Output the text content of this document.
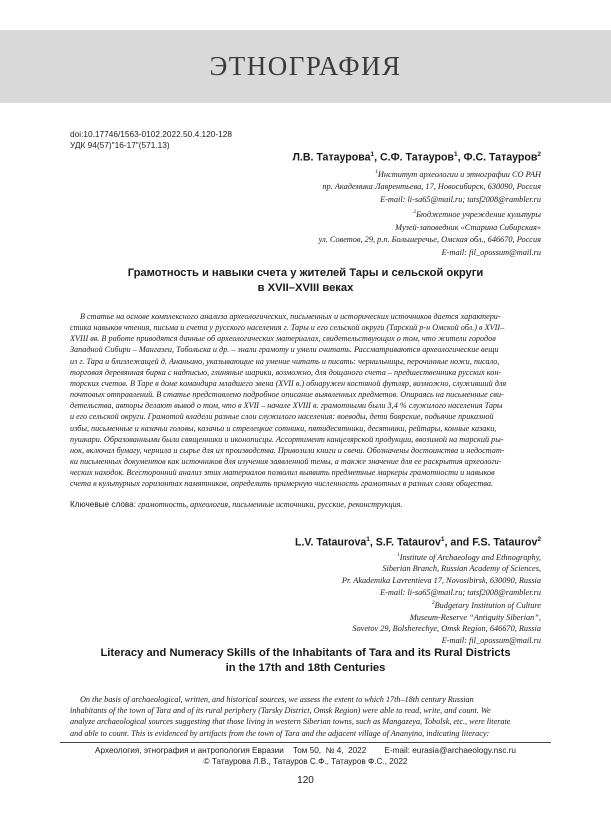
ЭТНОГРАФИЯ
doi:10.17746/1563-0102.2022.50.4.120-128
УДК 94(57)"16-17"(571.13)
Л.В. Татаурова$^1$, С.Ф. Татауров$^1$, Ф.С. Татауров$^2$
$^1$Институт археологии и этнографии СО РАН
пр. Академика Лаврентьева, 17, Новосибирск, 630090, Россия
E-mail: li-sa65@mail.ru; tatsf2008@rambler.ru
$^2$Бюджетное учреждение культуры
Музей-заповедник «Старина Сибирская»
ул. Советов, 29, р.п. Большеречье, Омская обл., 646670, Россия
E-mail: fil_opossum@mail.ru
Грамотность и навыки счета у жителей Тары и сельской округи
в XVII–XVIII веках
В статье на основе комплексного анализа археологических, письменных и исторических источников дается характери-
стика навыков чтения, письма и счета у русского населения г. Тары и его сельской округи (Тарский р-н Омской обл.) в XVII–
XVIII вв. В работе приводятся данные об археологических материалах, свидетельствующих о том, что жители городов
Западной Сибири – Мангазеи, Тобольска и др. – знали грамоту и умели считать. Рассматриваются археологические вещи
из г. Тара и близлежащей д. Ананьино, указывающие на умение читать и писать: чернильницы, перочинные ножи, писало,
торговая деревянная бирка с надписью, глиняные шарики, возможно, для дощаного счета – предшественника русских кон-
торских счетов. В Таре в доме командира младшего звена (XVII в.) обнаружен костяной футляр, возможно, служивший для
почтовых отправлений. В статье представлено подробное описание выявленных предметов. Опираясь на письменные сви-
детельства, авторы делают вывод о том, что в XVII – начале XVIII в. грамотными были 3,4 % служилого населения Тары
и его сельской округи. Грамотой владели разные слои служилого населения: воеводы, дети боярские, подьячие приказной
избы, письменные и казачьи головы, казачьи и стрелецкие сотники, пятидесятники, десятники, рейтары, конные казаки,
пушкари. Образованными были священники и иконописцы. Ассортимент канцелярской продукции, ввозимой на тарский ры-
нок, включал бумагу, чернила и сырье для их производства. Привозили книги и свечи. Обозначены достоинства и недостат-
ки письменных документов как источников для изучения заявленной темы, а также значение для ее раскрытия археологи-
ческих находок. Всесторонний анализ этих материалов позволил выявить предметные маркеры грамотности и навыков
счета в культурных горизонтах памятников, определить примерную численность грамотных в разных слоях общества.
Ключевые слова: грамотность, археология, письменные источники, русские, реконструкция.
L.V. Tataurova$^1$, S.F. Tataurov$^1$, and F.S. Tataurov$^2$
$^1$Institute of Archaeology and Ethnography,
Siberian Branch, Russian Academy of Sciences,
Pr. Akademika Lavrentieva 17, Novosibirsk, 630090, Russia
E-mail: li-sa65@mail.ru; tatsf2008@rambler.ru
$^2$Budgetary Institution of Culture
Museum-Reserve “Antiquity Siberian”,
Sovetov 29, Bolsherechye, Omsk Region, 646670, Russia
E-mail: fil_opossum@mail.ru
Literacy and Numeracy Skills of the Inhabitants of Tara and its Rural Districts
in the 17th and 18th Centuries
On the basis of archaeological, written, and historical sources, we assess the extent to which 17th–18th century Russian
inhabitants of the town of Tara and of its rural periphery (Tarsky District, Omsk Region) were able to read, write, and count. We
analyze archaeological sources suggesting that those living in western Siberian towns, such as Mangazeya, Tobolsk, etc., were literate
and able to count. This is evidenced by artifacts from the town of Tara and the adjacent village of Ananyino, indicating literacy:
Археология, этнография и антропология Евразии    Том 50,  № 4,  2022        E-mail: eurasia@archaeology.nsc.ru
© Татаурова Л.В., Татауров С.Ф., Татауров Ф.С., 2022
120
